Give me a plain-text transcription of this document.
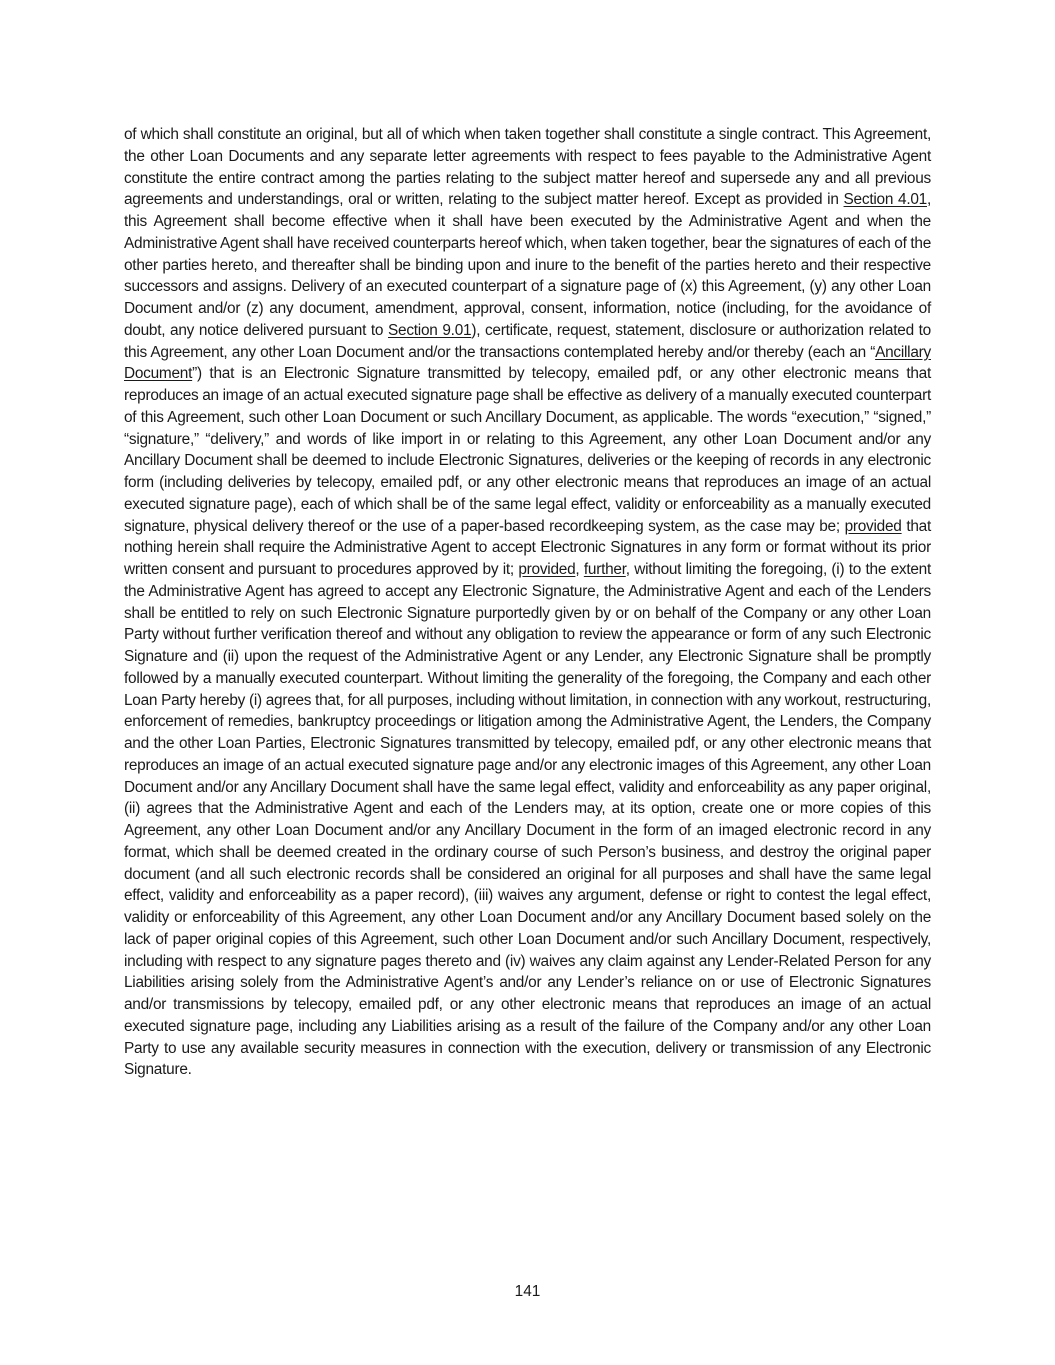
of which shall constitute an original, but all of which when taken together shall constitute a single contract. This Agreement, the other Loan Documents and any separate letter agreements with respect to fees payable to the Administrative Agent constitute the entire contract among the parties relating to the subject matter hereof and supersede any and all previous agreements and understandings, oral or written, relating to the subject matter hereof. Except as provided in Section 4.01, this Agreement shall become effective when it shall have been executed by the Administrative Agent and when the Administrative Agent shall have received counterparts hereof which, when taken together, bear the signatures of each of the other parties hereto, and thereafter shall be binding upon and inure to the benefit of the parties hereto and their respective successors and assigns. Delivery of an executed counterpart of a signature page of (x) this Agreement, (y) any other Loan Document and/or (z) any document, amendment, approval, consent, information, notice (including, for the avoidance of doubt, any notice delivered pursuant to Section 9.01), certificate, request, statement, disclosure or authorization related to this Agreement, any other Loan Document and/or the transactions contemplated hereby and/or thereby (each an “Ancillary Document”) that is an Electronic Signature transmitted by telecopy, emailed pdf, or any other electronic means that reproduces an image of an actual executed signature page shall be effective as delivery of a manually executed counterpart of this Agreement, such other Loan Document or such Ancillary Document, as applicable. The words “execution,” “signed,” “signature,” “delivery,” and words of like import in or relating to this Agreement, any other Loan Document and/or any Ancillary Document shall be deemed to include Electronic Signatures, deliveries or the keeping of records in any electronic form (including deliveries by telecopy, emailed pdf, or any other electronic means that reproduces an image of an actual executed signature page), each of which shall be of the same legal effect, validity or enforceability as a manually executed signature, physical delivery thereof or the use of a paper-based recordkeeping system, as the case may be; provided that nothing herein shall require the Administrative Agent to accept Electronic Signatures in any form or format without its prior written consent and pursuant to procedures approved by it; provided, further, without limiting the foregoing, (i) to the extent the Administrative Agent has agreed to accept any Electronic Signature, the Administrative Agent and each of the Lenders shall be entitled to rely on such Electronic Signature purportedly given by or on behalf of the Company or any other Loan Party without further verification thereof and without any obligation to review the appearance or form of any such Electronic Signature and (ii) upon the request of the Administrative Agent or any Lender, any Electronic Signature shall be promptly followed by a manually executed counterpart. Without limiting the generality of the foregoing, the Company and each other Loan Party hereby (i) agrees that, for all purposes, including without limitation, in connection with any workout, restructuring, enforcement of remedies, bankruptcy proceedings or litigation among the Administrative Agent, the Lenders, the Company and the other Loan Parties, Electronic Signatures transmitted by telecopy, emailed pdf, or any other electronic means that reproduces an image of an actual executed signature page and/or any electronic images of this Agreement, any other Loan Document and/or any Ancillary Document shall have the same legal effect, validity and enforceability as any paper original, (ii) agrees that the Administrative Agent and each of the Lenders may, at its option, create one or more copies of this Agreement, any other Loan Document and/or any Ancillary Document in the form of an imaged electronic record in any format, which shall be deemed created in the ordinary course of such Person’s business, and destroy the original paper document (and all such electronic records shall be considered an original for all purposes and shall have the same legal effect, validity and enforceability as a paper record), (iii) waives any argument, defense or right to contest the legal effect, validity or enforceability of this Agreement, any other Loan Document and/or any Ancillary Document based solely on the lack of paper original copies of this Agreement, such other Loan Document and/or such Ancillary Document, respectively, including with respect to any signature pages thereto and (iv) waives any claim against any Lender-Related Person for any Liabilities arising solely from the Administrative Agent’s and/or any Lender’s reliance on or use of Electronic Signatures and/or transmissions by telecopy, emailed pdf, or any other electronic means that reproduces an image of an actual executed signature page, including any Liabilities arising as a result of the failure of the Company and/or any other Loan Party to use any available security measures in connection with the execution, delivery or transmission of any Electronic Signature.

141
